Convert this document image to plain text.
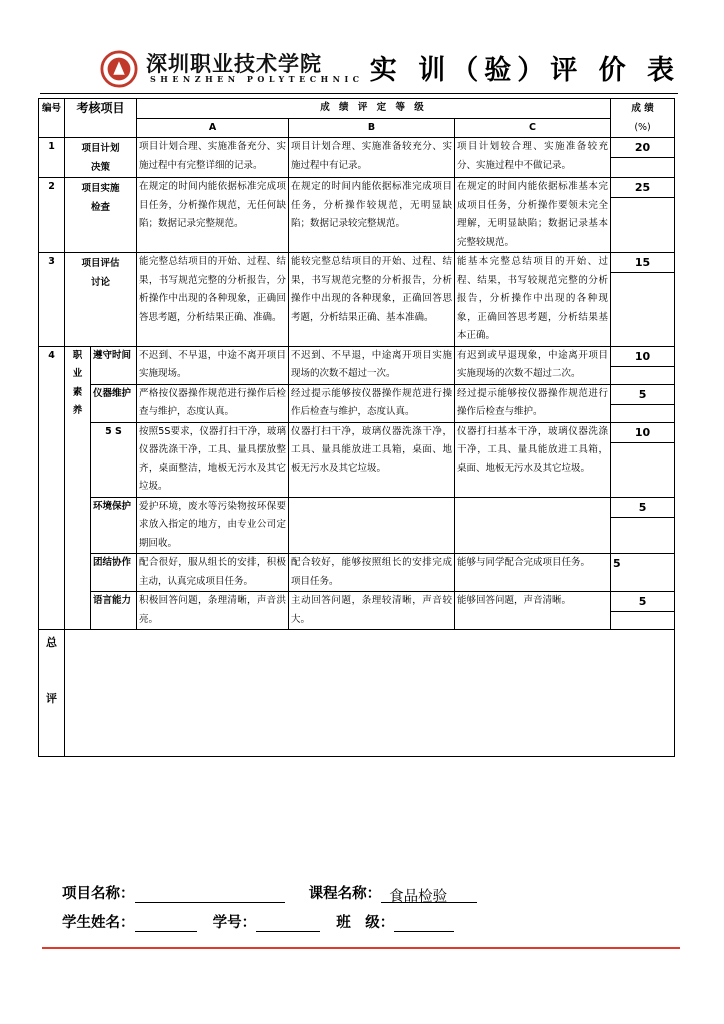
深圳职业技术学院
SHENZHEN POLYTECHNIC 实 训（验）评 价 表
编号	考核项目		成 绩 评 定 等 级			成 绩
(%)

			A	B	C	
1	项目计划决策		项目计划合理、实施准备充分、实施过程中有完整详细的记录。	项目计划合理、实施准备较充分、实施过程中有记录。	项目计划较合理、实施准备较充分、实施过程中不做记录。	20

2	项目实施检查		在规定的时间内能依据标准完成项目任务，分析操作规范，无任何缺陷；数据记录完整规范。	在规定的时间内能依据标准完成项目任务，分析操作较规范，无明显缺陷；数据记录较完整规范。	在规定的时间内能依据标准基本完成项目任务，分析操作要领未完全理解，无明显缺陷；数据记录基本完整较规范。	25

3	项目评估讨论		能完整总结项目的开始、过程、结果，书写规范完整的分析报告，分析操作中出现的各种现象，正确回答思考题，分析结果正确、准确。	能较完整总结项目的开始、过程、结果，书写规范完整的分析报告，分析操作中出现的各种现象，正确回答思考题，分析结果正确、基本准确。	能基本完整总结项目的开始、过程、结果，书写较规范完整的分析报告，分析操作中出现的各种现象，正确回答思考题，分析结果基本正确。	15

4	职业素养	遵守时间	不迟到、不早退，中途不离开项目实施现场。	不迟到、不早退，中途离开项目实施现场的次数不超过一次。	有迟到或早退现象，中途离开项目实施现场的次数不超过二次。	10

		仪器维护	严格按仪器操作规范进行操作后检查与维护，态度认真。	经过提示能够按仪器操作规范进行操作后检查与维护，态度认真。	经过提示能够按仪器操作规范进行操作后检查与维护。	5

		5 S	按照5S要求，仪器打扫干净，玻璃仪器洗涤干净，工具、量具摆放整齐，桌面整洁，地板无污水及其它垃圾。	仪器打扫干净，玻璃仪器洗涤干净，工具、量具能放进工具箱，桌面、地板无污水及其它垃圾。	仪器打扫基本干净，玻璃仪器洗涤干净，工具、量具能放进工具箱，桌面、地板无污水及其它垃圾。	10

		环境保护	爱护环境，废水等污染物按环保要求放入指定的地方，由专业公司定期回收。			5

		团结协作	配合很好，服从组长的安排，积极主动，认真完成项目任务。	配合较好，能够按照组长的安排完成项目任务。	能够与同学配合完成项目任务。	5

		语言能力	积极回答问题，条理清晰，声音洪亮。	主动回答问题，条理较清晰，声音较大。	能够回答问题，声音清晰。	5

总
评						

项目名称：	课程名称： 食品检验
学生姓名：	学号：	班　级：
